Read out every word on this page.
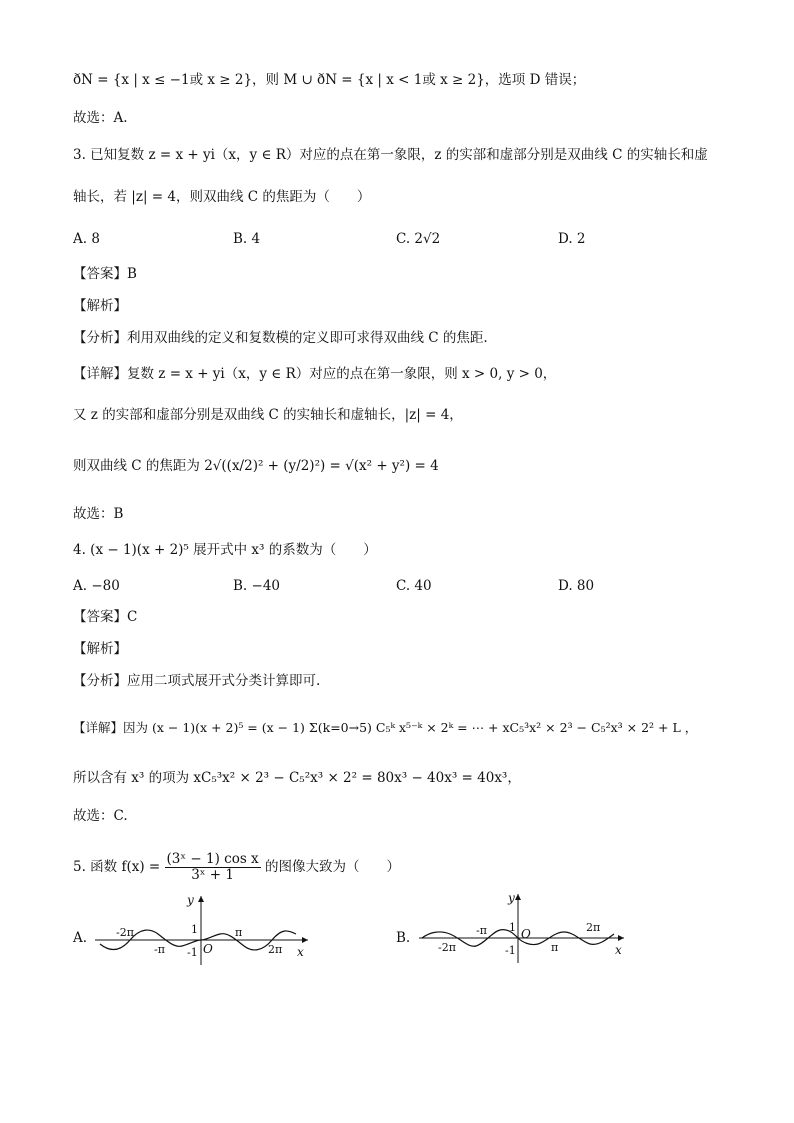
ðN = {x | x ≤ −1或 x ≥ 2}，则 M ∪ ðN = {x | x < 1或 x ≥ 2}，选项 D 错误；
故选：A.
3. 已知复数 z = x + yi（x，y ∈ R）对应的点在第一象限，z 的实部和虚部分别是双曲线 C 的实轴长和虚
轴长，若 |z| = 4，则双曲线 C 的焦距为（　　）
A. 8	B. 4	C. 2√2	D. 2
【答案】B
【解析】
【分析】利用双曲线的定义和复数模的定义即可求得双曲线 C 的焦距.
【详解】复数 z = x + yi（x，y ∈ R）对应的点在第一象限，则 x > 0, y > 0，
又 z 的实部和虚部分别是双曲线 C 的实轴长和虚轴长，|z| = 4，
则双曲线 C 的焦距为 2√((x/2)² + (y/2)²) = √(x² + y²) = 4
故选：B
4. (x − 1)(x + 2)⁵ 展开式中 x³ 的系数为（　　）
A. −80	B. −40	C. 40	D. 80
【答案】C
【解析】
【分析】应用二项式展开式分类计算即可.
【详解】因为 (x − 1)(x + 2)⁵ = (x − 1) Σ(k=0→5) C₅ᵏ x⁵⁻ᵏ × 2ᵏ = ⋯ + xC₅³x² × 2³ − C₅²x³ × 2² + L ，
所以含有 x³ 的项为 xC₅³x² × 2³ − C₅²x³ × 2² = 80x³ − 40x³ = 40x³，
故选：C.
5. 函数 $f(x) = \frac{\text{(3ˣ − 1) cos x}}{\text{3ˣ + 1}}$ 的图像大致为（　　）
A.
y
x
O
-2π
-π
1
-1
π
2π
B.
y
x
O
-2π
-π 1
-1	π
2π
